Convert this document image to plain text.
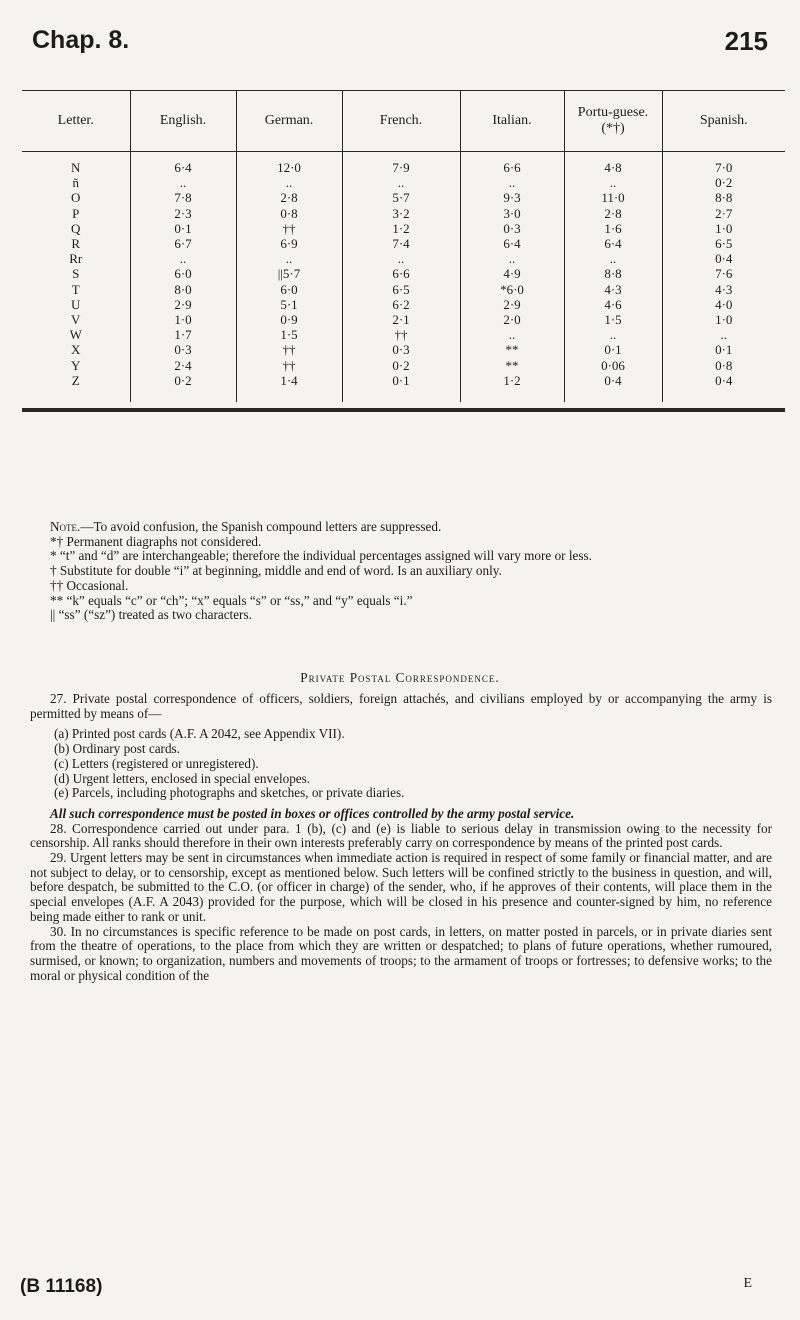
Chap. 8.	215
Letter.	English.	German.	French.	Italian.	Portu-guese. (*†)	Spanish.
N	6·4	12·0	7·9	6·6	4·8	7·0
ñ	..	..	..	..	..	0·2
O	7·8	2·8	5·7	9·3	11·0	8·8
P	2·3	0·8	3·2	3·0	2·8	2·7
Q	0·1	††	1·2	0·3	1·6	1·0
R	6·7	6·9	7·4	6·4	6·4	6·5
Rr	..	..	..	..	..	0·4
S	6·0	||5·7	6·6	4·9	8·8	7·6
T	8·0	6·0	6·5	*6·0	4·3	4·3
U	2·9	5·1	6·2	2·9	4·6	4·0
V	1·0	0·9	2·1	2·0	1·5	1·0
W	1·7	1·5	††	..	..	..
X	0·3	††	0·3	**	0·1	0·1
Y	2·4	††	0·2	**	0·06	0·8
Z	0·2	1·4	0·1	1·2	0·4	0·4

Note.—To avoid confusion, the Spanish compound letters are suppressed.

*† Permanent diagraphs not considered.

* “t” and “d” are interchangeable; therefore the individual percentages assigned will vary more or less.

† Substitute for double “i” at beginning, middle and end of word. Is an auxiliary only.

†† Occasional.

** “k” equals “c” or “ch”; “x” equals “s” or “ss,” and “y” equals “i.”

|| “ss” (“sz”) treated as two characters.

Private Postal Correspondence.

27. Private postal correspondence of officers, soldiers, foreign attachés, and civilians employed by or accompanying the army is permitted by means of—

(a) Printed post cards (A.F. A 2042, see Appendix VII).

(b) Ordinary post cards.

(c) Letters (registered or unregistered).

(d) Urgent letters, enclosed in special envelopes.

(e) Parcels, including photographs and sketches, or private diaries.

All such correspondence must be posted in boxes or offices controlled by the army postal service.

28. Correspondence carried out under para. 1 (b), (c) and (e) is liable to serious delay in transmission owing to the necessity for censorship. All ranks should therefore in their own interests preferably carry on correspondence by means of the printed post cards.

29. Urgent letters may be sent in circumstances when immediate action is required in respect of some family or financial matter, and are not subject to delay, or to censorship, except as mentioned below. Such letters will be confined strictly to the business in question, and will, before despatch, be submitted to the C.O. (or officer in charge) of the sender, who, if he approves of their contents, will place them in the special envelopes (A.F. A 2043) provided for the purpose, which will be closed in his presence and counter-signed by him, no reference being made either to rank or unit.

30. In no circumstances is specific reference to be made on post cards, in letters, on matter posted in parcels, or in private diaries sent from the theatre of operations, to the place from which they are written or despatched; to plans of future operations, whether rumoured, surmised, or known; to organization, numbers and movements of troops; to the armament of troops or fortresses; to defensive works; to the moral or physical condition of the

(B 11168)	E
